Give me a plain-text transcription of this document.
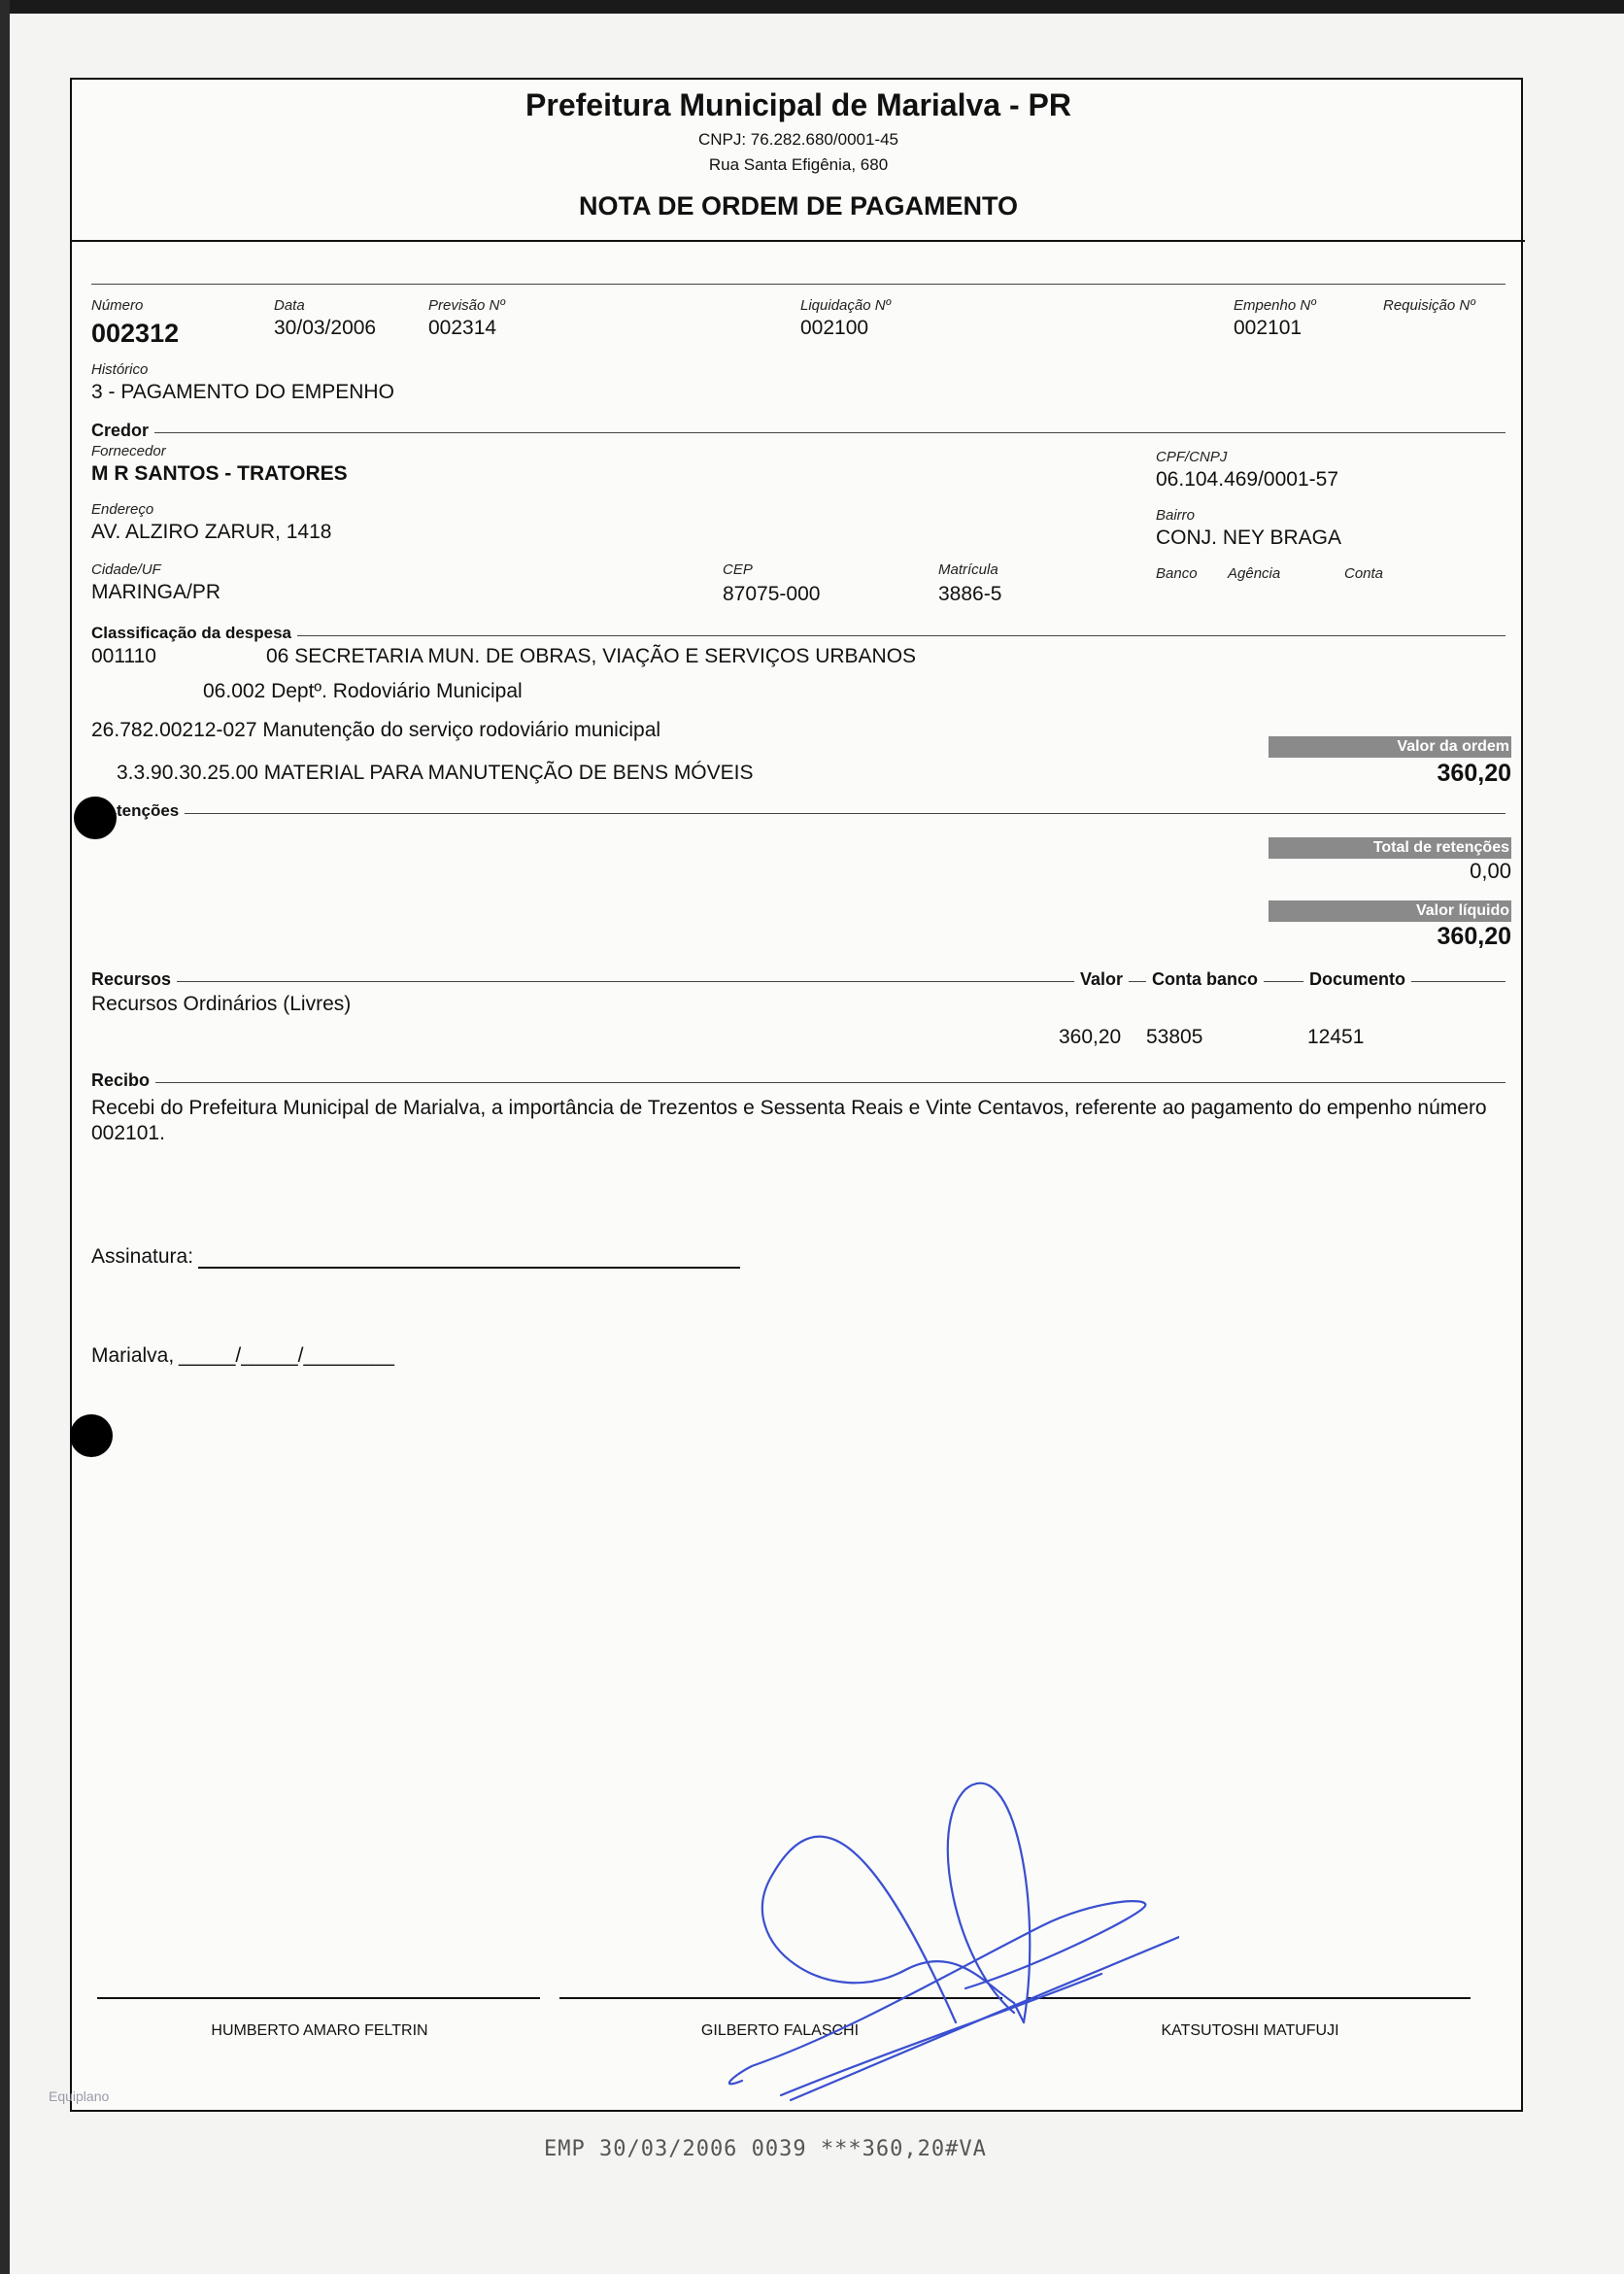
Prefeitura Municipal de Marialva - PR
CNPJ: 76.282.680/0001-45
Rua Santa Efigênia, 680
NOTA DE ORDEM DE PAGAMENTO
Número
002312
Data
30/03/2006
Previsão Nº
002314
Liquidação Nº
002100
Empenho Nº
002101
Requisição Nº
Histórico
3 - PAGAMENTO DO EMPENHO
Credor
Fornecedor
M R SANTOS - TRATORES
CPF/CNPJ
06.104.469/0001-57
Endereço
AV. ALZIRO ZARUR, 1418
Bairro
CONJ. NEY BRAGA
Cidade/UF
MARINGA/PR
CEP
87075-000
Matrícula
3886-5
Banco Agência	Conta
Classificação da despesa
001110	06 SECRETARIA MUN. DE OBRAS, VIAÇÃO E SERVIÇOS URBANOS
06.002 Deptº. Rodoviário Municipal
26.782.00212-027 Manutenção do serviço rodoviário municipal
3.3.90.30.25.00 MATERIAL PARA MANUTENÇÃO DE BENS MÓVEIS
Valor da ordem
360,20
tenções
Total de retenções
0,00
Valor líquido
360,20
Recursos	Valor	Conta banco	Documento
Recursos Ordinários (Livres)
360,20 53805	12451
Recibo
Recebi do Prefeitura Municipal de Marialva, a importância de Trezentos e Sessenta Reais e Vinte Centavos, referente ao pagamento do empenho número 002101.
Assinatura:
Marialva, _____/_____/________
HUMBERTO AMARO FELTRIN	GILBERTO FALASCHI	KATSUTOSHI MATUFUJI
Equiplano
EMP 30/03/2006 0039 ***360,20#VA
